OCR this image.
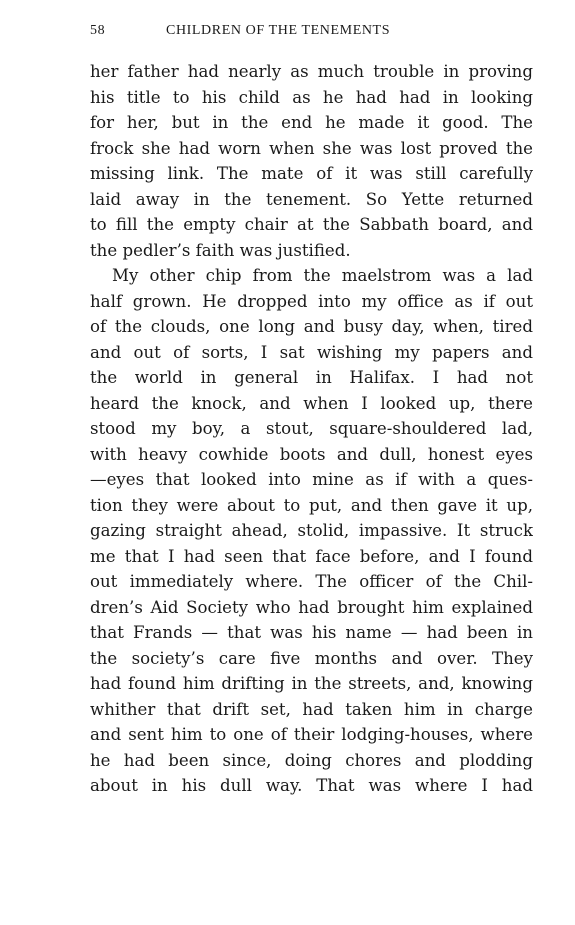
58	CHILDREN OF THE TENEMENTS
her father had nearly as much trouble in proving
his title to his child as he had had in looking
for her, but in the end he made it good. The
frock she had worn when she was lost proved the
missing link. The mate of it was still carefully
laid away in the tenement. So Yette returned
to fill the empty chair at the Sabbath board, and
the pedler’s faith was justified.
My other chip from the maelstrom was a lad
half grown. He dropped into my office as if out
of the clouds, one long and busy day, when, tired
and out of sorts, I sat wishing my papers and
the world in general in Halifax. I had not
heard the knock, and when I looked up, there
stood my boy, a stout, square-shouldered lad,
with heavy cowhide boots and dull, honest eyes
—eyes that looked into mine as if with a ques-
tion they were about to put, and then gave it up,
gazing straight ahead, stolid, impassive. It struck
me that I had seen that face before, and I found
out immediately where. The officer of the Chil-
dren’s Aid Society who had brought him explained
that Frands — that was his name — had been in
the society’s care five months and over. They
had found him drifting in the streets, and, knowing
whither that drift set, had taken him in charge
and sent him to one of their lodging-houses, where
he had been since, doing chores and plodding
about in his dull way. That was where I had
